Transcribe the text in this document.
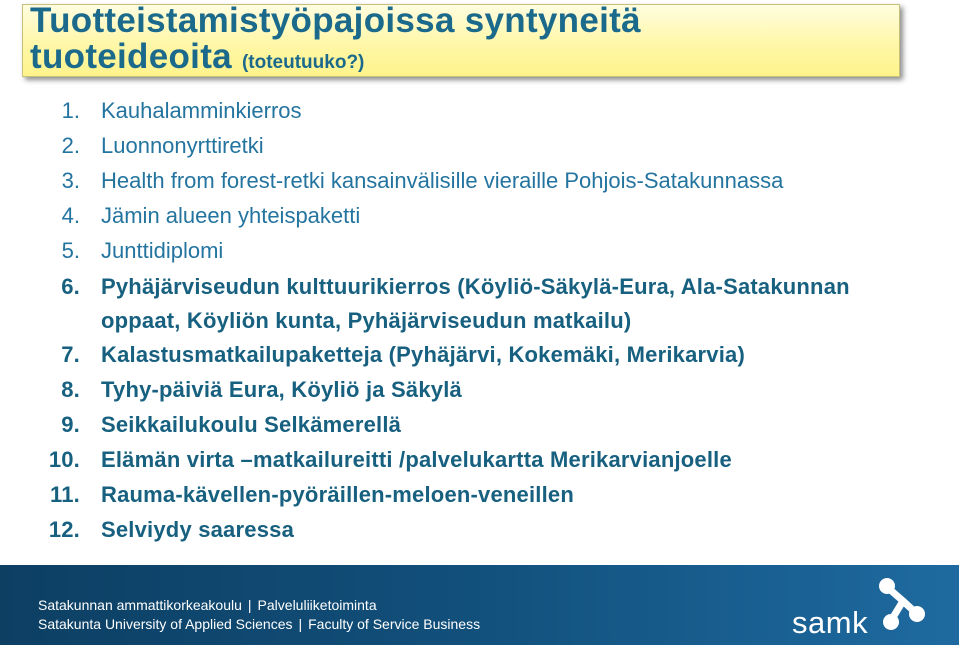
Tuotteistamistyöpajoissa syntyneitä
tuoteideoita (toteutuuko?)
1. Kauhalamminkierros
2. Luonnonyrttiretki
3. Health from forest-retki kansainvälisille vieraille Pohjois-Satakunnassa
4. Jämin alueen yhteispaketti
5. Junttidiplomi
6. Pyhäjärviseudun kulttuurikierros (Köyliö-Säkylä-Eura, Ala-Satakunnan
oppaat, Köyliön kunta, Pyhäjärviseudun matkailu)
7. Kalastusmatkailupaketteja (Pyhäjärvi, Kokemäki, Merikarvia)
8. Tyhy-päiviä Eura, Köyliö ja Säkylä
9. Seikkailukoulu Selkämerellä
10. Elämän virta –matkailureitti /palvelukartta Merikarvianjoelle
11. Rauma-kävellen-pyöräillen-meloen-veneillen
12. Selviydy saaressa
Satakunnan ammattikorkeakoulu | Palveluliiketoiminta
Satakunta University of Applied Sciences | Faculty of Service Business	samk
